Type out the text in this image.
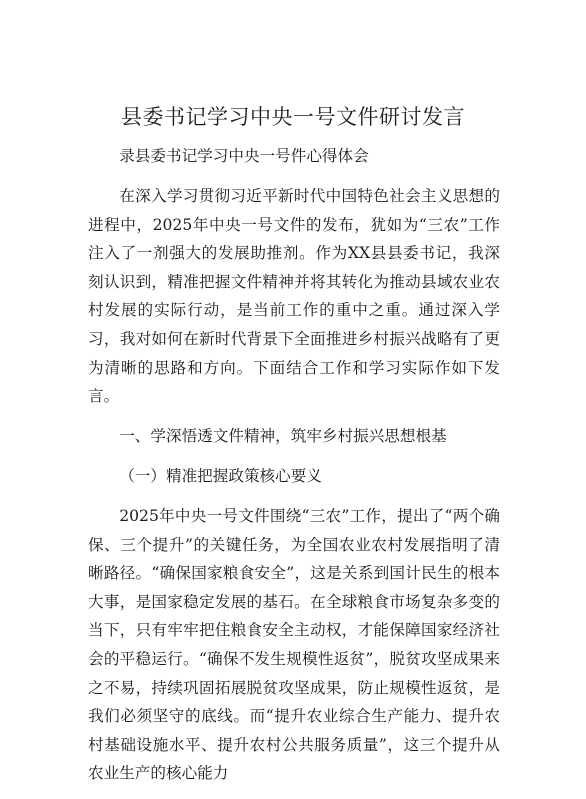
县委书记学习中央一号文件研讨发言

录县委书记学习中央一号件心得体会

在深入学习贯彻习近平新时代中国特色社会主义思想的进程中，2025年中央一号文件的发布，犹如为“三农”工作注入了一剂强大的发展助推剂。作为XX县县委书记，我深刻认识到，精准把握文件精神并将其转化为推动县域农业农村发展的实际行动，是当前工作的重中之重。通过深入学习，我对如何在新时代背景下全面推进乡村振兴战略有了更为清晰的思路和方向。下面结合工作和学习实际作如下发言。

一、学深悟透文件精神，筑牢乡村振兴思想根基

（一）精准把握政策核心要义

2025年中央一号文件围绕“三农”工作，提出了“两个确保、三个提升”的关键任务，为全国农业农村发展指明了清晰路径。“确保国家粮食安全”，这是关系到国计民生的根本大事，是国家稳定发展的基石。在全球粮食市场复杂多变的当下，只有牢牢把住粮食安全主动权，才能保障国家经济社会的平稳运行。“确保不发生规模性返贫”，脱贫攻坚成果来之不易，持续巩固拓展脱贫攻坚成果，防止规模性返贫，是我们必须坚守的底线。而“提升农业综合生产能力、提升农村基础设施水平、提升农村公共服务质量”，这三个提升从农业生产的核心能力
